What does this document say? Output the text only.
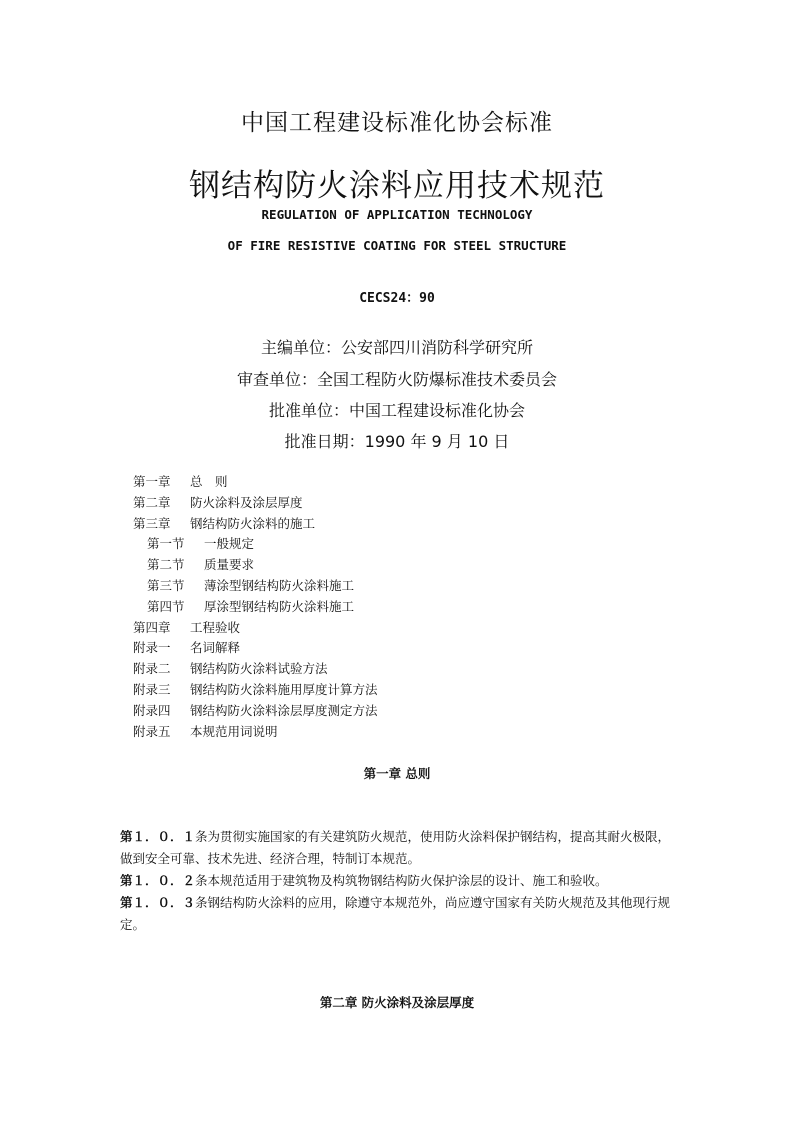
中国工程建设标准化协会标准
钢结构防火涂料应用技术规范
REGULATION OF APPLICATION TECHNOLOGY
OF FIRE RESISTIVE COATING FOR STEEL STRUCTURE
CECS24：90
主编单位：公安部四川消防科学研究所
审查单位：全国工程防火防爆标准技术委员会
批准单位：中国工程建设标准化协会
批准日期：1990 年 9 月 10 日
第一章 总　则
第二章 防火涂料及涂层厚度
第三章 钢结构防火涂料的施工
第一节 一般规定
第二节 质量要求
第三节 薄涂型钢结构防火涂料施工
第四节 厚涂型钢结构防火涂料施工
第四章 工程验收
附录一 名词解释
附录二 钢结构防火涂料试验方法
附录三 钢结构防火涂料施用厚度计算方法
附录四 钢结构防火涂料涂层厚度测定方法
附录五 本规范用词说明
第一章 总则

第１．０．１条为贯彻实施国家的有关建筑防火规范，使用防火涂料保护钢结构，提高其耐火极限，做到安全可靠、技术先进、经济合理，特制订本规范。

第１．０．２条本规范适用于建筑物及构筑物钢结构防火保护涂层的设计、施工和验收。

第１．０．３条钢结构防火涂料的应用，除遵守本规范外，尚应遵守国家有关防火规范及其他现行规定。

第二章 防火涂料及涂层厚度
